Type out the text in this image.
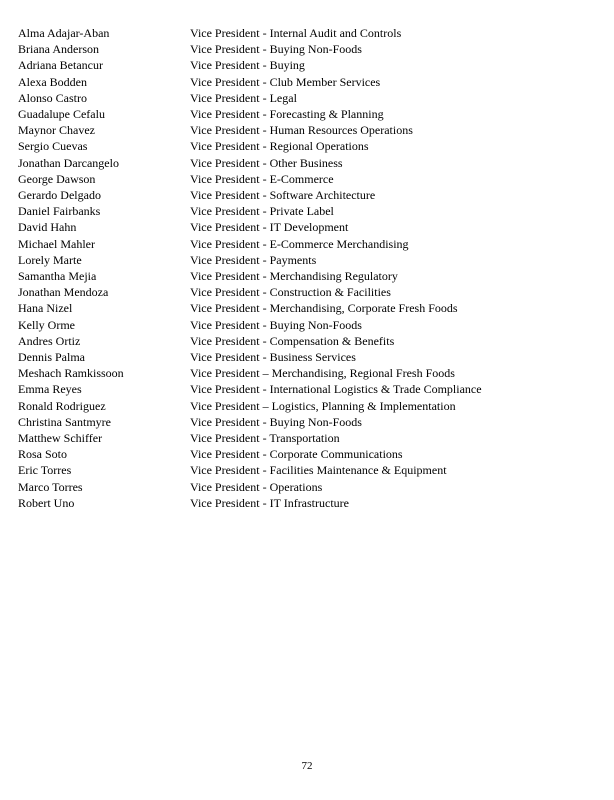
Alma Adajar-Aban	Vice President - Internal Audit and Controls
Briana Anderson	Vice President - Buying Non-Foods
Adriana Betancur	Vice President - Buying
Alexa Bodden	Vice President - Club Member Services
Alonso Castro	Vice President - Legal
Guadalupe Cefalu	Vice President - Forecasting & Planning
Maynor Chavez	Vice President - Human Resources Operations
Sergio Cuevas	Vice President - Regional Operations
Jonathan Darcangelo	Vice President - Other Business
George Dawson	Vice President - E-Commerce
Gerardo Delgado	Vice President - Software Architecture
Daniel Fairbanks	Vice President - Private Label
David Hahn	Vice President - IT Development
Michael Mahler	Vice President - E-Commerce Merchandising
Lorely Marte	Vice President - Payments
Samantha Mejia	Vice President - Merchandising Regulatory
Jonathan Mendoza	Vice President - Construction & Facilities
Hana Nizel	Vice President - Merchandising, Corporate Fresh Foods
Kelly Orme	Vice President - Buying Non-Foods
Andres Ortiz	Vice President - Compensation & Benefits
Dennis Palma	Vice President - Business Services
Meshach Ramkissoon	Vice President – Merchandising, Regional Fresh Foods
Emma Reyes	Vice President - International Logistics & Trade Compliance
Ronald Rodriguez	Vice President – Logistics, Planning & Implementation
Christina Santmyre	Vice President - Buying Non-Foods
Matthew Schiffer	Vice President - Transportation
Rosa Soto	Vice President - Corporate Communications
Eric Torres	Vice President - Facilities Maintenance & Equipment
Marco Torres	Vice President - Operations
Robert Uno	Vice President - IT Infrastructure
72
